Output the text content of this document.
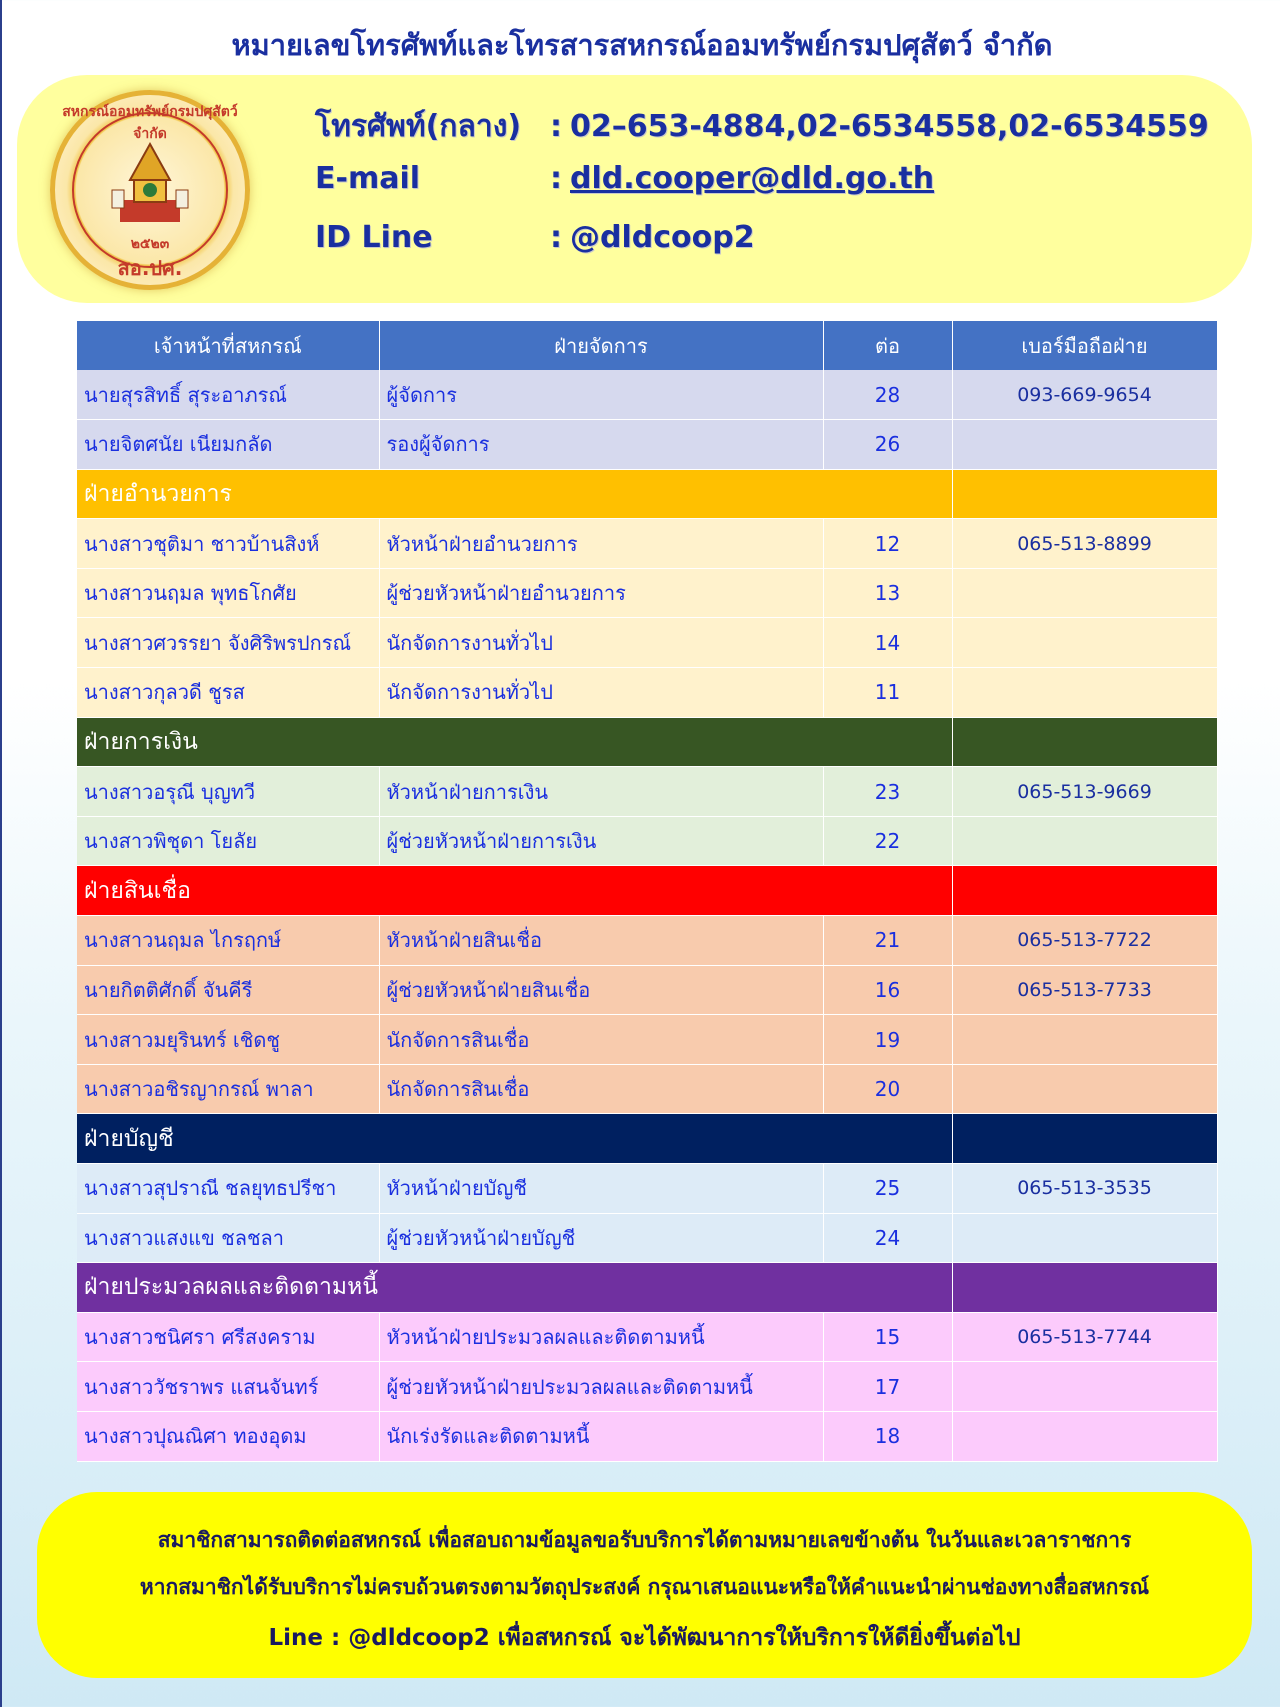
หมายเลขโทรศัพท์และโทรสารสหกรณ์ออมทรัพย์กรมปศุสัตว์ จำกัด
สหกรณ์ออมทรัพย์กรมปศุสัตว์ จำกัด
๒๕๒๓
สอ.ปศ.
โทรศัพท์(กลาง) : 02–653-4884,02-6534558,02-6534559
E-mail	: dld.cooper@dld.go.th
ID Line	: @dldcoop2
เจ้าหน้าที่สหกรณ์	ฝ่ายจัดการ	ต่อ	เบอร์มือถือฝ่าย
นายสุรสิทธิ์ สุระอาภรณ์	ผู้จัดการ	28	093-669-9654
นายจิตศนัย เนียมกลัด	รองผู้จัดการ	26	
ฝ่ายอำนวยการ			
นางสาวชุติมา ชาวบ้านสิงห์	หัวหน้าฝ่ายอำนวยการ	12	065-513-8899
นางสาวนฤมล พุทธโกศัย	ผู้ช่วยหัวหน้าฝ่ายอำนวยการ	13	
นางสาวศวรรยา จังศิริพรปกรณ์	นักจัดการงานทั่วไป	14	
นางสาวกุลวดี ชูรส	นักจัดการงานทั่วไป	11	
ฝ่ายการเงิน			
นางสาวอรุณี บุญทวี	หัวหน้าฝ่ายการเงิน	23	065-513-9669
นางสาวพิชุดา โยลัย	ผู้ช่วยหัวหน้าฝ่ายการเงิน	22	
ฝ่ายสินเชื่อ			
นางสาวนฤมล ไกรฤกษ์	หัวหน้าฝ่ายสินเชื่อ	21	065-513-7722
นายกิตติศักดิ์ จันคีรี	ผู้ช่วยหัวหน้าฝ่ายสินเชื่อ	16	065-513-7733
นางสาวมยุรินทร์ เชิดชู	นักจัดการสินเชื่อ	19	
นางสาวอชิรญากรณ์ พาลา	นักจัดการสินเชื่อ	20	
ฝ่ายบัญชี			
นางสาวสุปราณี ชลยุทธปรีชา	หัวหน้าฝ่ายบัญชี	25	065-513-3535
นางสาวแสงแข ชลชลา	ผู้ช่วยหัวหน้าฝ่ายบัญชี	24	
ฝ่ายประมวลผลและติดตามหนี้			
นางสาวชนิศรา ศรีสงคราม	หัวหน้าฝ่ายประมวลผลและติดตามหนี้	15	065-513-7744
นางสาววัชราพร แสนจันทร์	ผู้ช่วยหัวหน้าฝ่ายประมวลผลและติดตามหนี้	17	
นางสาวปุณณิศา ทองอุดม	นักเร่งรัดและติดตามหนี้	18	
สมาชิกสามารถติดต่อสหกรณ์ เพื่อสอบถามข้อมูลขอรับบริการได้ตามหมายเลขข้างต้น ในวันและเวลาราชการ
หากสมาชิกได้รับบริการไม่ครบถ้วนตรงตามวัตถุประสงค์ กรุณาเสนอแนะหรือให้คำแนะนำผ่านช่องทางสื่อสหกรณ์
Line : @dldcoop2 เพื่อสหกรณ์ จะได้พัฒนาการให้บริการให้ดียิ่งขึ้นต่อไป
